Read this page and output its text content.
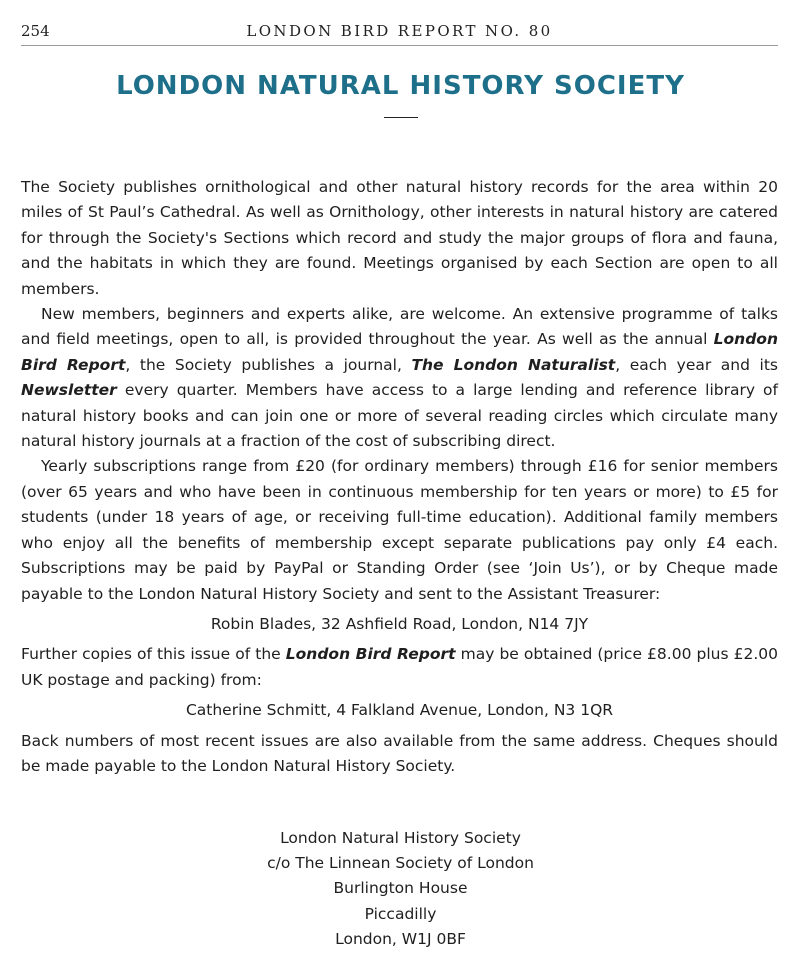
254	LONDON BIRD REPORT NO. 80
LONDON NATURAL HISTORY SOCIETY

The Society publishes ornithological and other natural history records for the area within 20 miles of St Paul’s Cathedral. As well as Ornithology, other interests in natural history are catered for through the Society's Sections which record and study the major groups of flora and fauna, and the habitats in which they are found. Meetings organised by each Section are open to all members.

New members, beginners and experts alike, are welcome. An extensive programme of talks and field meetings, open to all, is provided throughout the year. As well as the annual London Bird Report, the Society publishes a journal, The London Naturalist, each year and its Newsletter every quarter. Members have access to a large lending and reference library of natural history books and can join one or more of several reading circles which circulate many natural history journals at a fraction of the cost of subscribing direct.

Yearly subscriptions range from £20 (for ordinary members) through £16 for senior members (over 65 years and who have been in continuous membership for ten years or more) to £5 for students (under 18 years of age, or receiving full-time education). Additional family members who enjoy all the benefits of membership except separate publications pay only £4 each. Subscriptions may be paid by PayPal or Standing Order (see ‘Join Us’), or by Cheque made payable to the London Natural History Society and sent to the Assistant Treasurer:

Robin Blades, 32 Ashfield Road, London, N14 7JY

Further copies of this issue of the London Bird Report may be obtained (price £8.00 plus £2.00 UK postage and packing) from:

Catherine Schmitt, 4 Falkland Avenue, London, N3 1QR

Back numbers of most recent issues are also available from the same address. Cheques should be made payable to the London Natural History Society.

London Natural History Society
c/o The Linnean Society of London
Burlington House
Piccadilly
London, W1J 0BF
